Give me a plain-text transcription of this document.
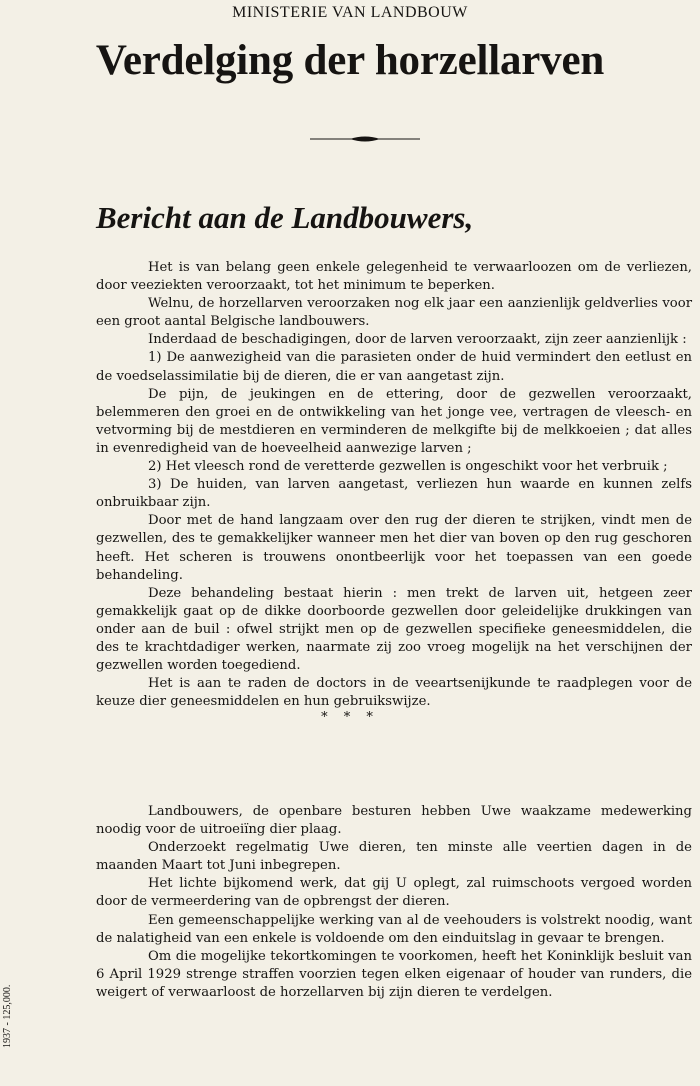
MINISTERIE VAN LANDBOUW
Verdelging der horzellarven
Bericht aan de Landbouwers,

Het is van belang geen enkele gelegenheid te verwaarloozen om de verliezen, door veeziekten veroorzaakt, tot het minimum te beperken.

Welnu, de horzellarven veroorzaken nog elk jaar een aanzienlijk geldverlies voor een groot aantal Belgische landbouwers.

Inderdaad de beschadigingen, door de larven veroorzaakt, zijn zeer aanzienlijk :

1) De aanwezigheid van die parasieten onder de huid vermindert den eetlust en de voedselassimilatie bij de dieren, die er van aangetast zijn.

De pijn, de jeukingen en de ettering, door de gezwellen veroorzaakt, belemmeren den groei en de ontwikkeling van het jonge vee, vertragen de vleesch- en vetvorming bij de mestdieren en verminderen de melkgifte bij de melkkoeien ; dat alles in evenredigheid van de hoeveelheid aanwezige larven ;

2) Het vleesch rond de veretterde gezwellen is ongeschikt voor het verbruik ;

3) De huiden, van larven aangetast, verliezen hun waarde en kunnen zelfs onbruikbaar zijn.

Door met de hand langzaam over den rug der dieren te strijken, vindt men de gezwellen, des te gemakkelijker wanneer men het dier van boven op den rug geschoren heeft. Het scheren is trouwens onontbeerlijk voor het toepassen van een goede behandeling.

Deze behandeling bestaat hierin : men trekt de larven uit, hetgeen zeer gemakkelijk gaat op de dikke doorboorde gezwellen door geleidelijke drukkingen van onder aan de buil : ofwel strijkt men op de gezwellen specifieke geneesmiddelen, die des te krachtdadiger werken, naarmate zij zoo vroeg mogelijk na het verschijnen der gezwellen worden toegediend.

Het is aan te raden de doctors in de veeartsenijkunde te raadplegen voor de keuze dier geneesmiddelen en hun gebruikswijze.

* * *

Landbouwers, de openbare besturen hebben Uwe waakzame medewerking noodig voor de uitroeiïng dier plaag.

Onderzoekt regelmatig Uwe dieren, ten minste alle veertien dagen in de maanden Maart tot Juni inbegrepen.

Het lichte bijkomend werk, dat gij U oplegt, zal ruimschoots vergoed worden door de vermeerdering van de opbrengst der dieren.

Een gemeenschappelijke werking van al de veehouders is volstrekt noodig, want de nalatigheid van een enkele is voldoende om den einduitslag in gevaar te brengen.

Om die mogelijke tekortkomingen te voorkomen, heeft het Koninklijk besluit van 6 April 1929 strenge straffen voorzien tegen elken eigenaar of houder van runders, die weigert of verwaarloost de horzellarven bij zijn dieren te verdelgen.

1937 - 125,000.
